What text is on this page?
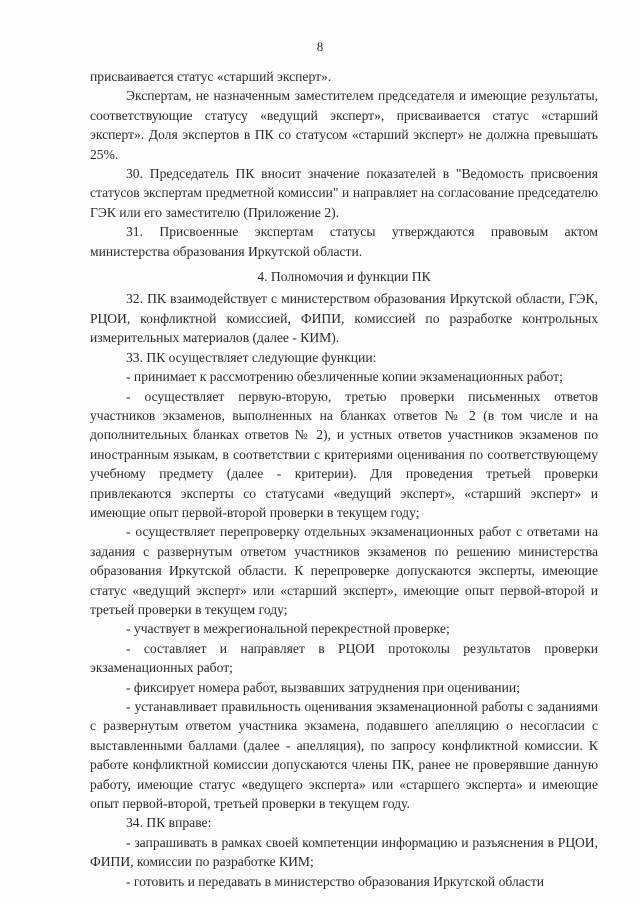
8

присваивается статус «старший эксперт».

Экспертам, не назначенным заместителем председателя и имеющие результаты, соответствующие статусу «ведущий эксперт», присваивается статус «старший эксперт». Доля экспертов в ПК со статусом «старший эксперт» не должна превышать 25%.

30. Председатель ПК вносит значение показателей в "Ведомость присвоения статусов экспертам предметной комиссии" и направляет на согласование председателю ГЭК или его заместителю (Приложение 2).

31. Присвоенные экспертам статусы утверждаются правовым актом министерства образования Иркутской области.

4. Полномочия и функции ПК

32. ПК взаимодействует с министерством образования Иркутской области, ГЭК, РЦОИ, конфликтной комиссией, ФИПИ, комиссией по разработке контрольных измерительных материалов (далее - КИМ).

33. ПК осуществляет следующие функции:

- принимает к рассмотрению обезличенные копии экзаменационных работ;

- осуществляет первую-вторую, третью проверки письменных ответов участников экзаменов, выполненных на бланках ответов № 2 (в том числе и на дополнительных бланках ответов № 2), и устных ответов участников экзаменов по иностранным языкам, в соответствии с критериями оценивания по соответствующему учебному предмету (далее - критерии). Для проведения третьей проверки привлекаются эксперты со статусами «ведущий эксперт», «старший эксперт» и имеющие опыт первой-второй проверки в текущем году;

- осуществляет перепроверку отдельных экзаменационных работ с ответами на задания с развернутым ответом участников экзаменов по решению министерства образования Иркутской области. К перепроверке допускаются эксперты, имеющие статус «ведущий эксперт» или «старший эксперт», имеющие опыт первой-второй и третьей проверки в текущем году;

- участвует в межрегиональной перекрестной проверке;

- составляет и направляет в РЦОИ протоколы результатов проверки экзаменационных работ;

- фиксирует номера работ, вызвавших затруднения при оценивании;

- устанавливает правильность оценивания экзаменационной работы с заданиями с развернутым ответом участника экзамена, подавшего апелляцию о несогласии с выставленными баллами (далее - апелляция), по запросу конфликтной комиссии. К работе конфликтной комиссии допускаются члены ПК, ранее не проверявшие данную работу, имеющие статус «ведущего эксперта» или «старшего эксперта» и имеющие опыт первой-второй, третьей проверки в текущем году.

34. ПК вправе:

- запрашивать в рамках своей компетенции информацию и разъяснения в РЦОИ, ФИПИ, комиссии по разработке КИМ;

- готовить и передавать в министерство образования Иркутской области
